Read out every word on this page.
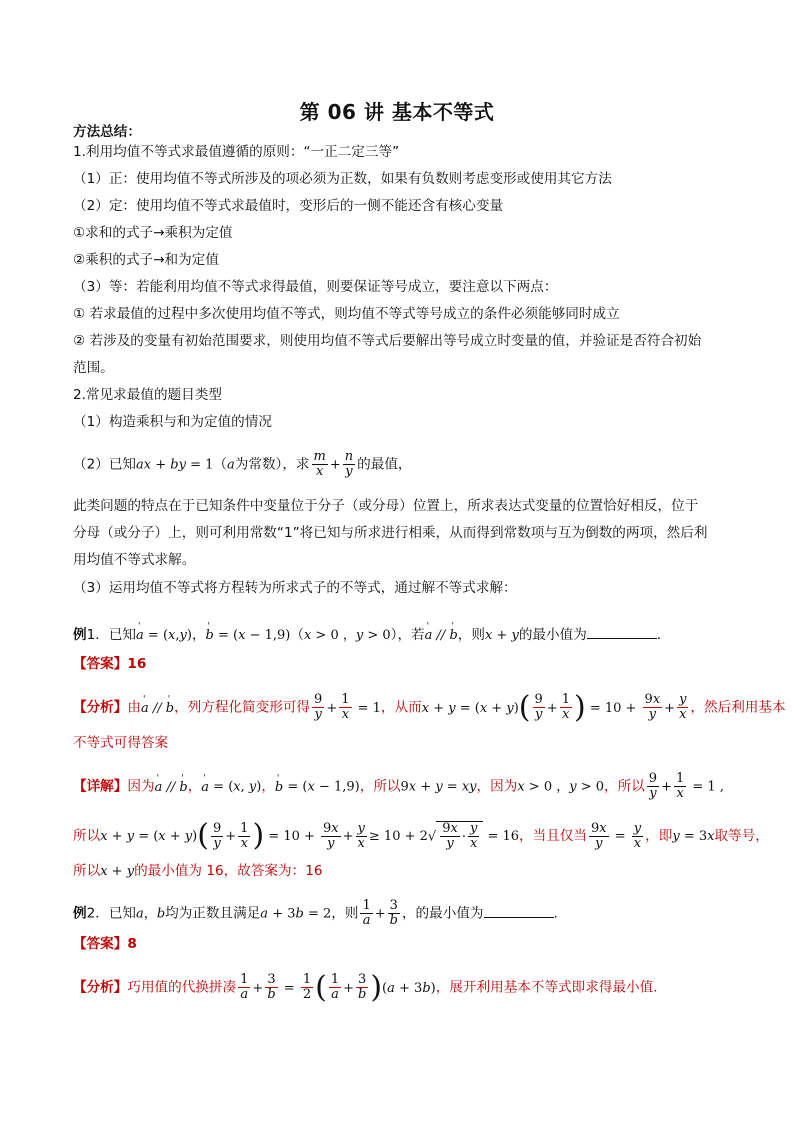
第 06 讲 基本不等式
方法总结：
1.利用均值不等式求最值遵循的原则：“一正二定三等”
（1）正：使用均值不等式所涉及的项必须为正数，如果有负数则考虑变形或使用其它方法
（2）定：使用均值不等式求最值时，变形后的一侧不能还含有核心变量
①求和的式子→乘积为定值
②乘积的式子→和为定值
（3）等：若能利用均值不等式求得最值，则要保证等号成立，要注意以下两点：
① 若求最值的过程中多次使用均值不等式，则均值不等式等号成立的条件必须能够同时成立
② 若涉及的变量有初始范围要求，则使用均值不等式后要解出等号成立时变量的值，并验证是否符合初始
范围。
2.常见求最值的题目类型
（1）构造乘积与和为定值的情况
（2）已知ax + by = 1（a为常数），求 $\frac{m}{x} + \frac{n}{y}$ 的最值，
此类问题的特点在于已知条件中变量位于分子（或分母）位置上，所求表达式变量的位置恰好相反，位于
分母（或分子）上，则可利用常数“1”将已知与所求进行相乘，从而得到常数项与互为倒数的两项，然后利
用均值不等式求解。
（3）运用均值不等式将方程转为所求式子的不等式，通过解不等式求解：
例1．已知' a = (x,y)，' b = (x − 1,9)（x > 0 ，y > 0），若' a // ' b，则x + y的最小值为	．
【答案】16
【分析】由' a // ' b，列方程化简变形可得 $\frac{9}{y} + \frac{1}{x} = 1$，从而$x + y = (x + y)( \frac{9}{y} + \frac{1}{x}$ ) = $10 + \frac{9x}{y} + \frac{y}{x}$ ，然后利用基本
不等式可得答案
【详解】因为' a // ' b，' a = (x, y)，' b = (x − 1,9)，所以9x + y = xy，因为x > 0 ，y > 0，所以 $\frac{9}{y} + \frac{1}{x} = 1$ ,
所以$x + y = (x + y)( \frac{9}{y} + \frac{1}{x}$ ) = $10 + \frac{9x}{y} + \frac{y}{x} \ge 10 + 2√ \frac{9x}{y} \cdot \frac{y}{x} = 16$，当且仅当 $\frac{9x}{y} = \frac{y}{x}$ ，即y = 3x取等号，
所以x + y的最小值为 16，故答案为：16
例2．已知a，b均为正数且满足a + 3b = 2，则 $\frac{1}{a} + \frac{3}{b}$ ，的最小值为	.
【答案】8
【分析】巧用值的代换拼凑 $\frac{1}{a} + \frac{3}{b} = \frac{1}{2}$ ( $\frac{1}{a} + \frac{3}{b} )(a + 3b)$，展开利用基本不等式即求得最小值.
